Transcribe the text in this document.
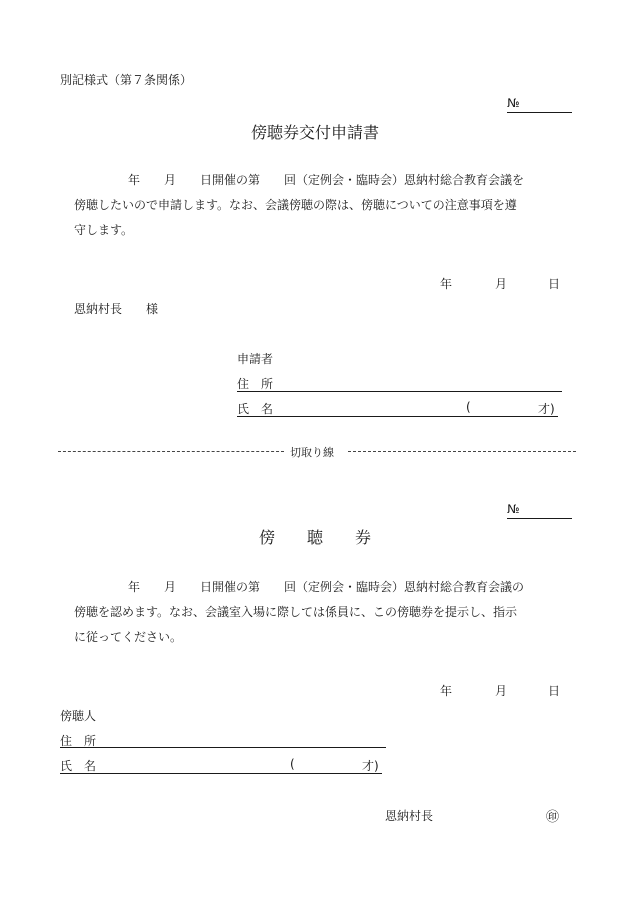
別記様式（第７条関係）
№
傍聴券交付申請書
年　　月　　日開催の第　　回（定例会・臨時会）恩納村総合教育会議を
傍聴したいので申請します。なお、会議傍聴の際は、傍聴についての注意事項を遵
守します。
年	月	日
恩納村長　　様
申請者
住　所
氏　名	(	才)
切取り線
№
傍　　聴　　券
年　　月　　日開催の第　　回（定例会・臨時会）恩納村総合教育会議の
傍聴を認めます。なお、会議室入場に際しては係員に、この傍聴券を提示し、指示
に従ってください。
年	月	日
傍聴人
住　所
氏　名	(	才)
恩納村長	㊞
